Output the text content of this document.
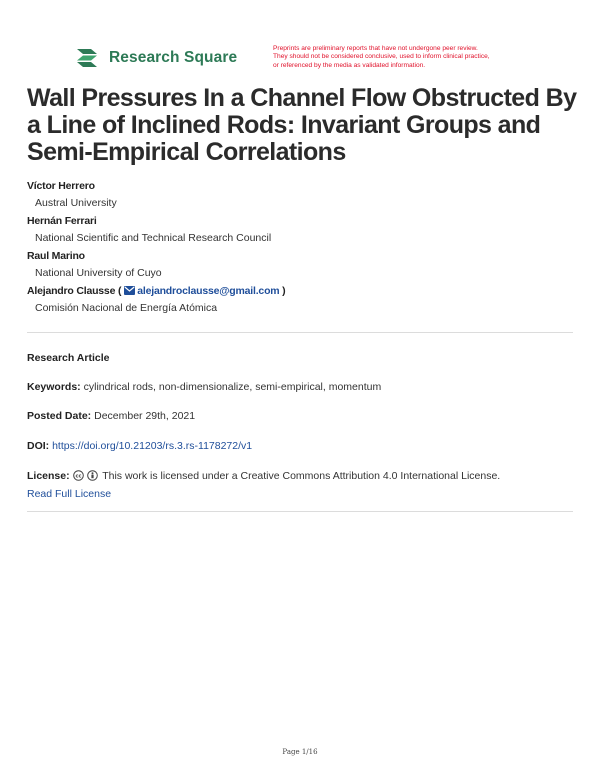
Research Square
Preprints are preliminary reports that have not undergone peer review.
They should not be considered conclusive, used to inform clinical practice,
or referenced by the media as validated information.
Wall Pressures In a Channel Flow Obstructed By a Line of Inclined Rods: Invariant Groups and Semi-Empirical Correlations
Víctor Herrero
Austral University
Hernán Ferrari
National Scientific and Technical Research Council
Raul Marino
National University of Cuyo
Alejandro Clausse ( alejandroclausse@gmail.com )
Comisión Nacional de Energía Atómica
Research Article
Keywords: cylindrical rods, non-dimensionalize, semi-empirical, momentum
Posted Date: December 29th, 2021
DOI: https://doi.org/10.21203/rs.3.rs-1178272/v1
License: cc This work is licensed under a Creative Commons Attribution 4.0 International License.
Read Full License
Page 1/16
